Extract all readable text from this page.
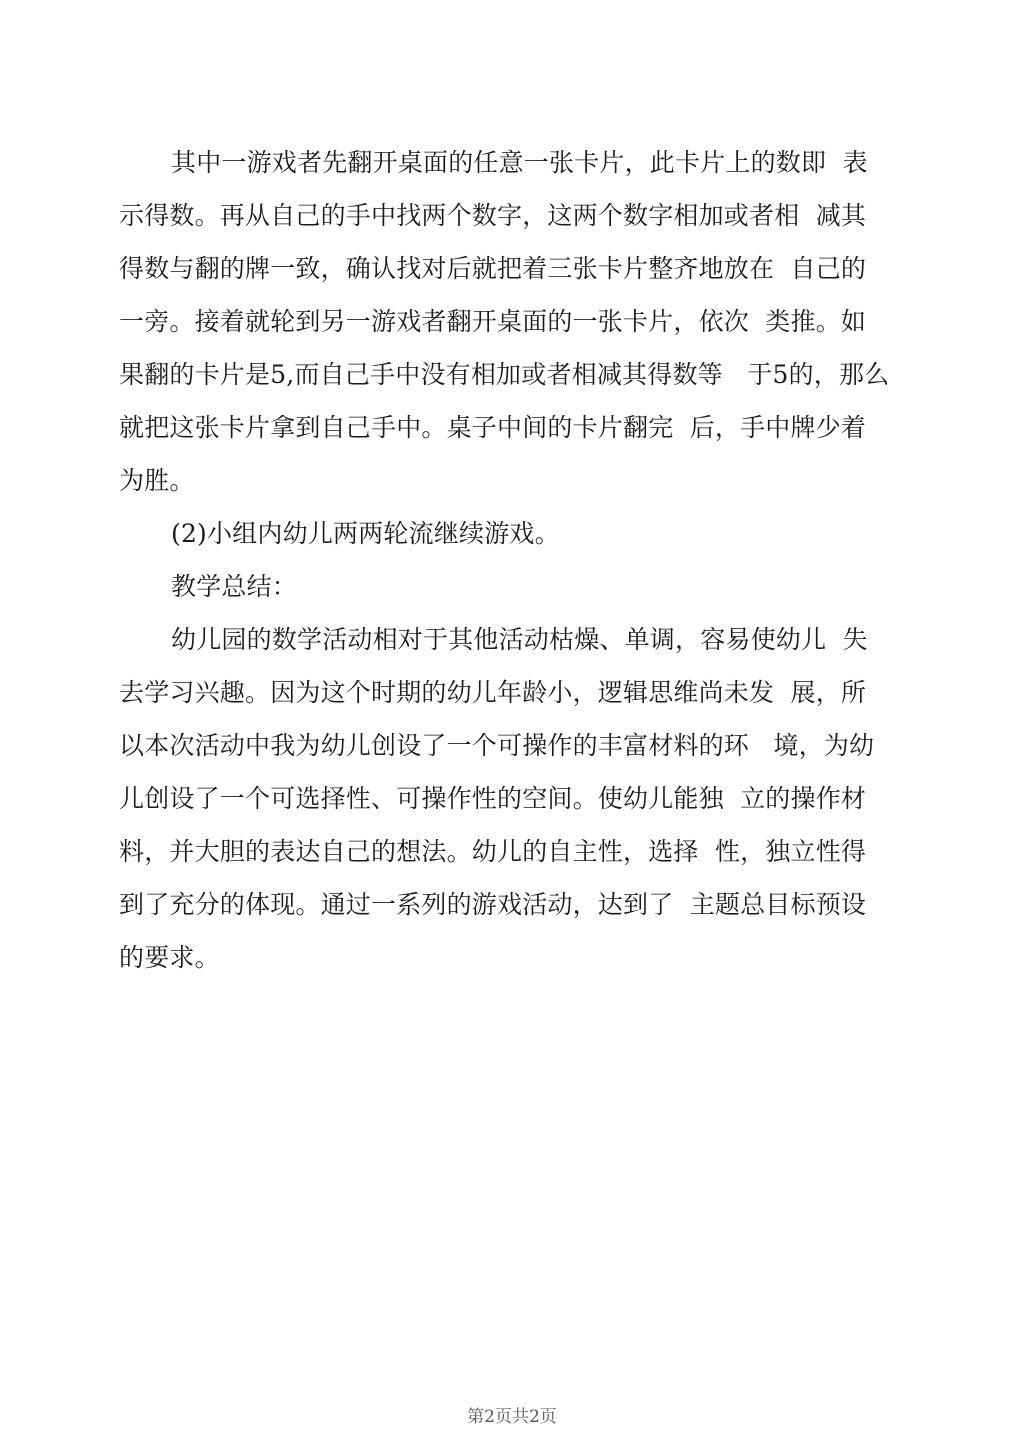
其中一游戏者先翻开桌面的任意一张卡片，此卡片上的数即  表
示得数。再从自己的手中找两个数字，这两个数字相加或者相  减其
得数与翻的牌一致，确认找对后就把着三张卡片整齐地放在  自己的
一旁。接着就轮到另一游戏者翻开桌面的一张卡片，依次  类推。如
果翻的卡片是5,而自己手中没有相加或者相减其得数等   于5的，那么
就把这张卡片拿到自己手中。桌子中间的卡片翻完  后，手中牌少着
为胜。
(2)小组内幼儿两两轮流继续游戏。
教学总结：
幼儿园的数学活动相对于其他活动枯燥、单调，容易使幼儿  失
去学习兴趣。因为这个时期的幼儿年龄小，逻辑思维尚未发  展，所
以本次活动中我为幼儿创设了一个可操作的丰富材料的环   境，为幼
儿创设了一个可选择性、可操作性的空间。使幼儿能独  立的操作材
料，并大胆的表达自己的想法。幼儿的自主性，选择  性，独立性得
到了充分的体现。通过一系列的游戏活动，达到了  主题总目标预设
的要求。
第2页共2页
